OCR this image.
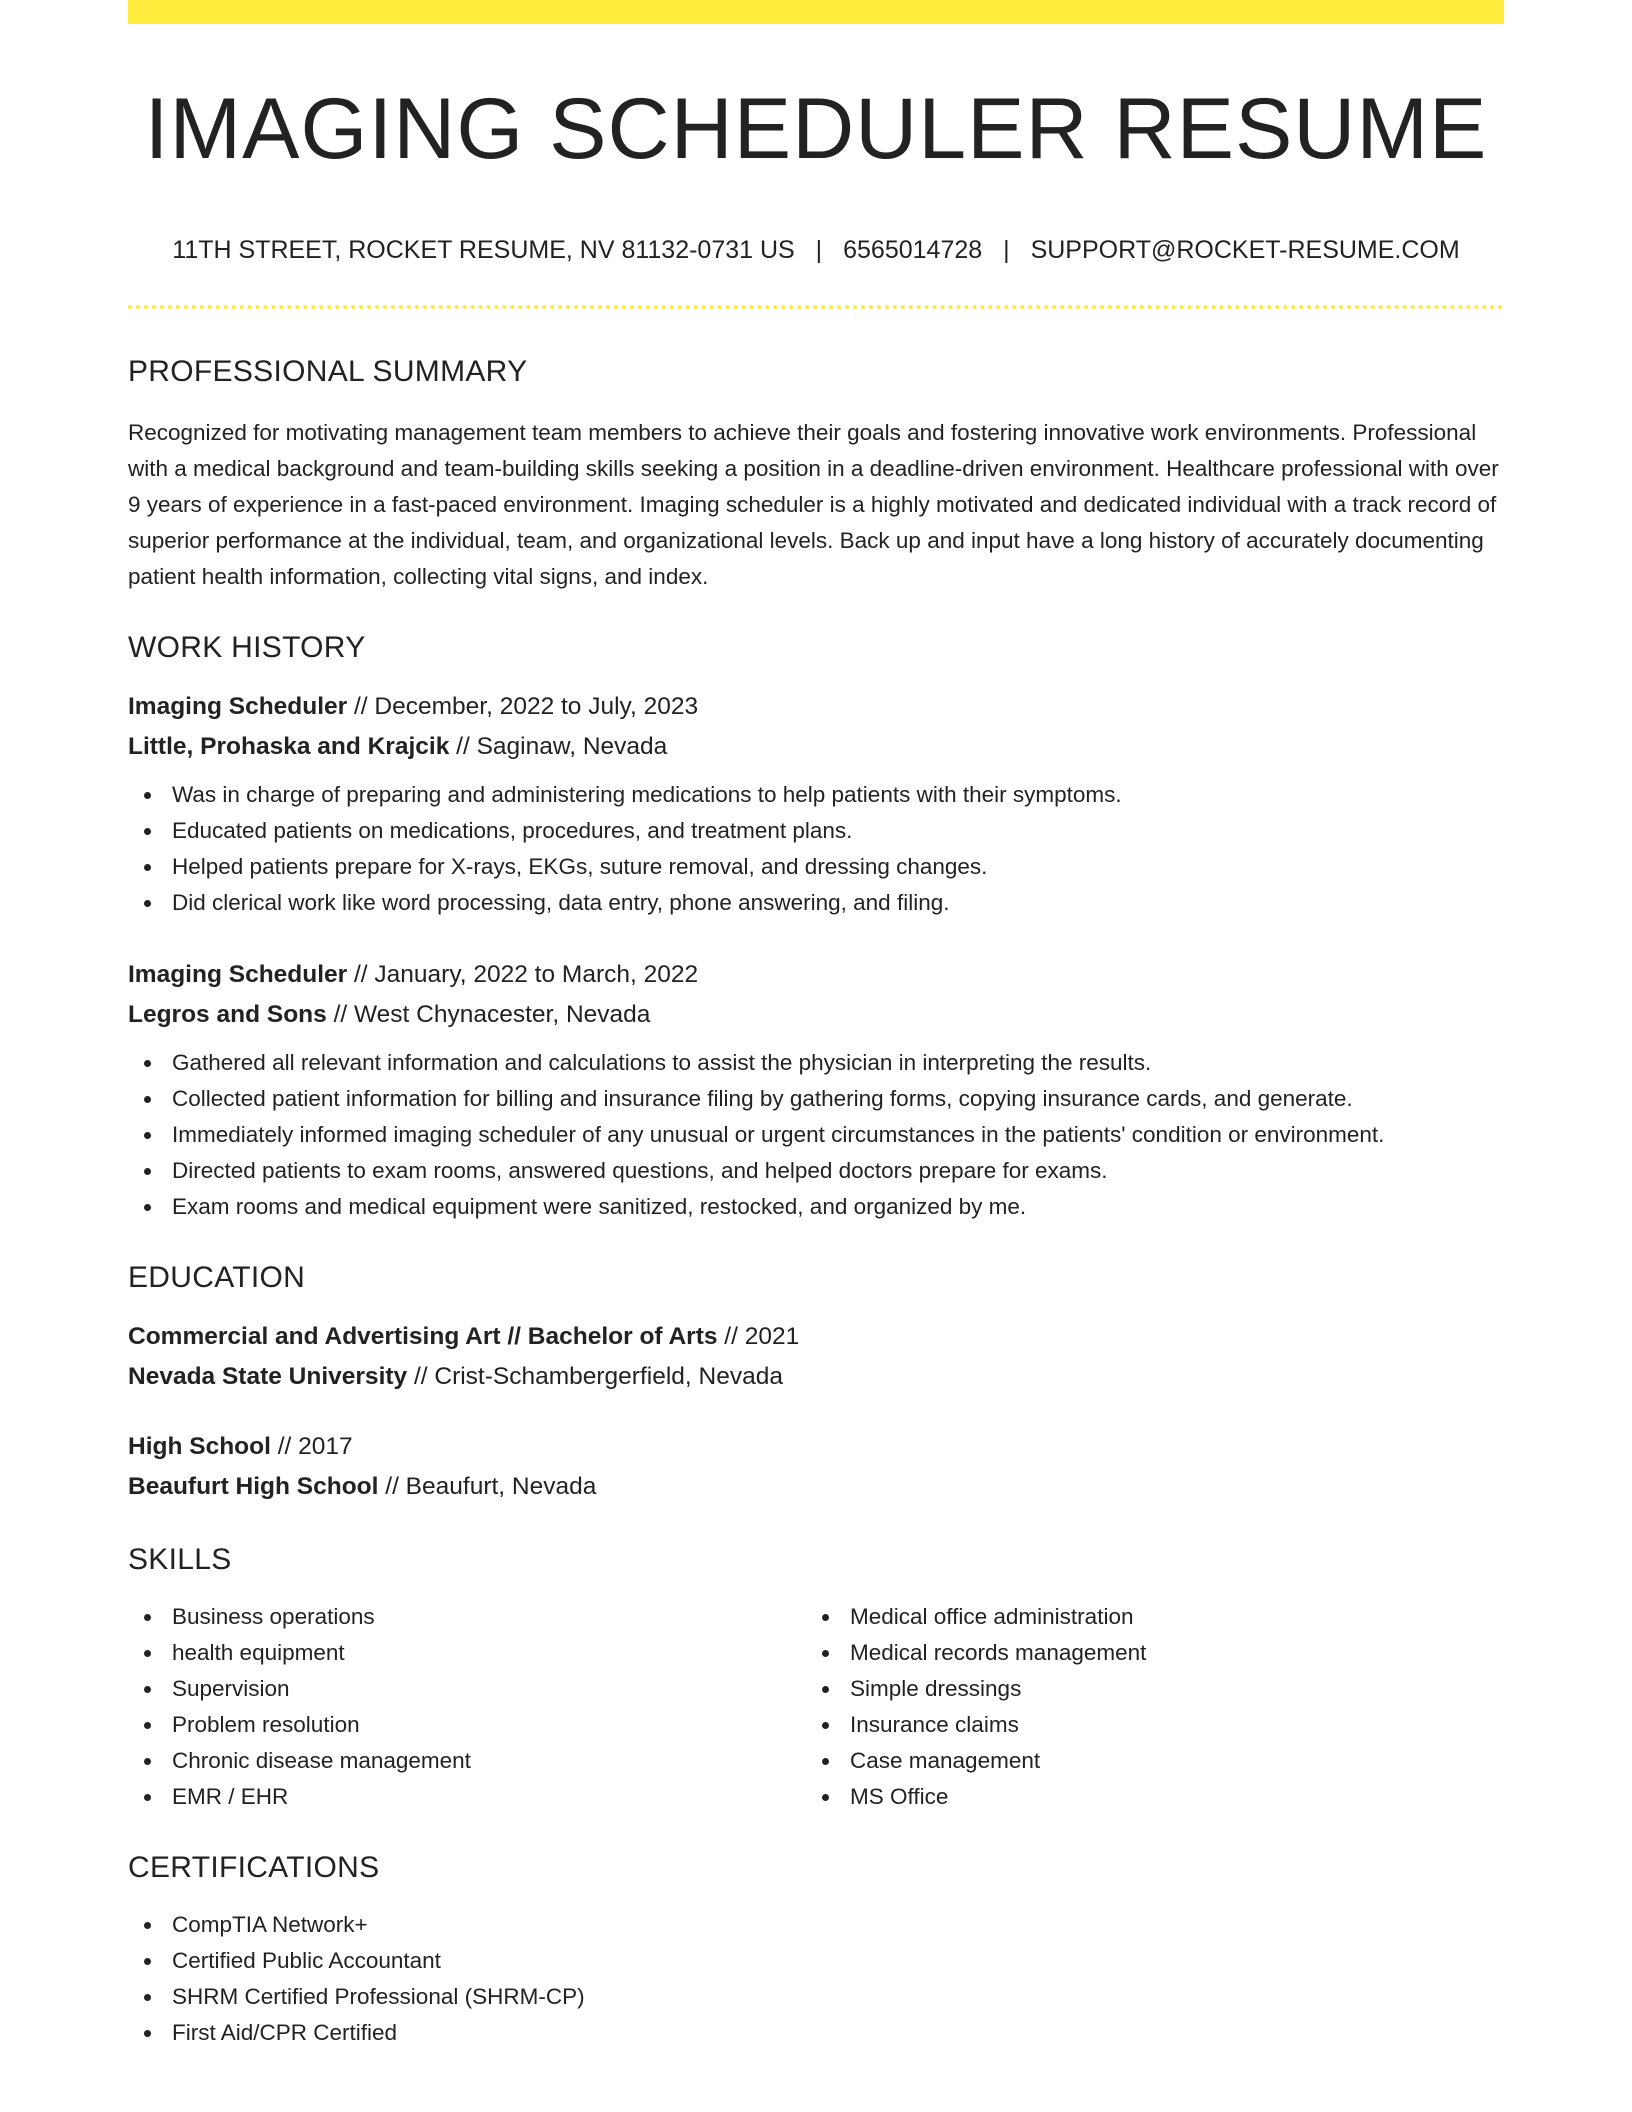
IMAGING SCHEDULER RESUME
11TH STREET, ROCKET RESUME, NV 81132-0731 US | 6565014728 | SUPPORT@ROCKET-RESUME.COM
PROFESSIONAL SUMMARY

Recognized for motivating management team members to achieve their goals and fostering innovative work environments. Professional with a medical background and team-building skills seeking a position in a deadline-driven environment. Healthcare professional with over 9 years of experience in a fast-paced environment. Imaging scheduler is a highly motivated and dedicated individual with a track record of superior performance at the individual, team, and organizational levels. Back up and input have a long history of accurately documenting patient health information, collecting vital signs, and index.

WORK HISTORY
Imaging Scheduler // December, 2022 to July, 2023
Little, Prohaska and Krajcik // Saginaw, Nevada
Was in charge of preparing and administering medications to help patients with their symptoms.
Educated patients on medications, procedures, and treatment plans.
Helped patients prepare for X-rays, EKGs, suture removal, and dressing changes.
Did clerical work like word processing, data entry, phone answering, and filing.
Imaging Scheduler // January, 2022 to March, 2022
Legros and Sons // West Chynacester, Nevada
Gathered all relevant information and calculations to assist the physician in interpreting the results.
Collected patient information for billing and insurance filing by gathering forms, copying insurance cards, and generate.
Immediately informed imaging scheduler of any unusual or urgent circumstances in the patients' condition or environment.
Directed patients to exam rooms, answered questions, and helped doctors prepare for exams.
Exam rooms and medical equipment were sanitized, restocked, and organized by me.
EDUCATION
Commercial and Advertising Art // Bachelor of Arts // 2021
Nevada State University // Crist-Schambergerfield, Nevada
High School // 2017
Beaufurt High School // Beaufurt, Nevada
SKILLS
Business operations
health equipment
Supervision
Problem resolution
Chronic disease management
EMR / EHR
Medical office administration
Medical records management
Simple dressings
Insurance claims
Case management
MS Office
CERTIFICATIONS
CompTIA Network+
Certified Public Accountant
SHRM Certified Professional (SHRM-CP)
First Aid/CPR Certified
